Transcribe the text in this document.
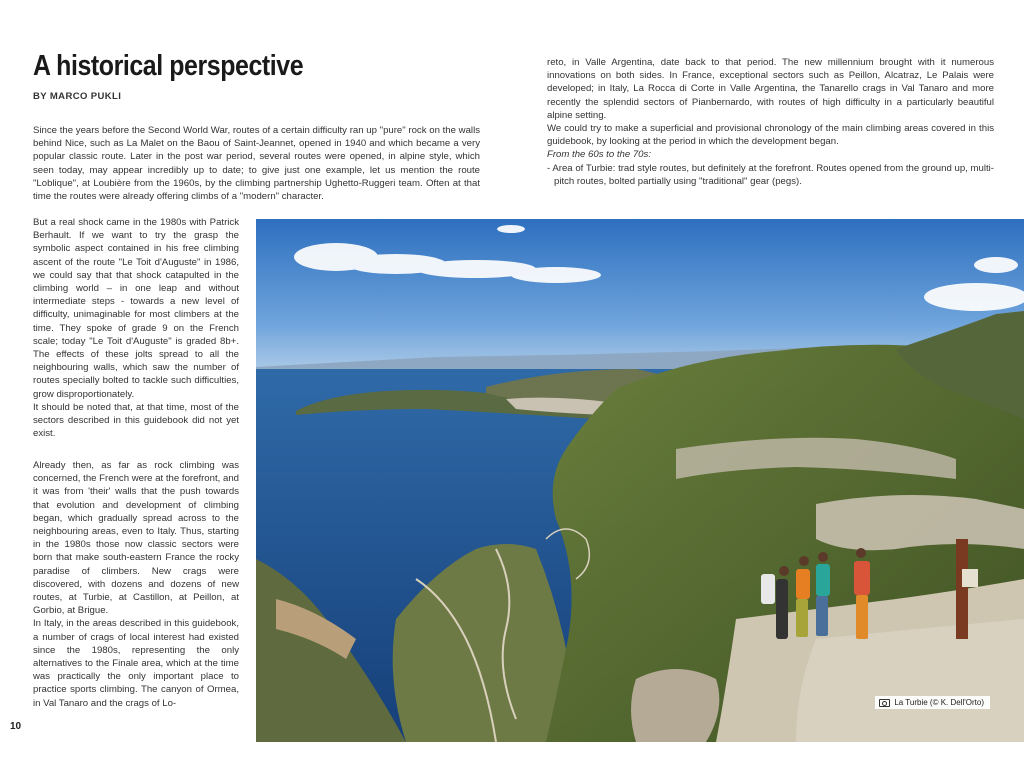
A historical perspective
BY MARCO PUKLI
Since the years before the Second World War, routes of a certain difficulty ran up "pure" rock on the walls behind Nice, such as La Malet on the Baou of Saint-Jeannet, opened in 1940 and which became a very popular classic route. Later in the post war period, several routes were opened, in alpine style, which seen today, may appear incredibly up to date; to give just one example, let us mention the route "Loblique", at Loubière from the 1960s, by the climbing partnership Ughetto-Ruggeri team. Often at that time the routes were already offering climbs of a "modern" character.

But a real shock came in the 1980s with Patrick Berhault. If we want to try the grasp the symbolic aspect contained in his free climbing ascent of the route "Le Toit d'Auguste" in 1986, we could say that that shock catapulted in the climbing world – in one leap and without intermediate steps - towards a new level of difficulty, unimaginable for most climbers at the time. They spoke of grade 9 on the French scale; today "Le Toit d'Auguste" is graded 8b+. The effects of these jolts spread to all the neighbouring walls, which saw the number of routes specially bolted to tackle such difficulties, grow disproportionately.

It should be noted that, at that time, most of the sectors described in this guidebook did not yet exist.

Already then, as far as rock climbing was concerned, the French were at the forefront, and it was from 'their' walls that the push towards that evolution and development of climbing began, which gradually spread across to the neighbouring areas, even to Italy. Thus, starting in the 1980s those now classic sectors were born that make south-eastern France the rocky paradise of climbers. New crags were discovered, with dozens and dozens of new routes, at Turbie, at Castillon, at Peillon, at Gorbio, at Brigue.

In Italy, in the areas described in this guidebook, a number of crags of local interest had existed since the 1980s, representing the only alternatives to the Finale area, which at the time was practically the only important place to practice sports climbing. The canyon of Ormea, in Val Tanaro and the crags of Lo-

10

reto, in Valle Argentina, date back to that period. The new millennium brought with it numerous innovations on both sides. In France, exceptional sectors such as Peillon, Alcatraz, Le Palais were developed; in Italy, La Rocca di Corte in Valle Argentina, the Tanarello crags in Val Tanaro and more recently the splendid sectors of Pianbernardo, with routes of high difficulty in a particularly beautiful alpine setting.

We could try to make a superficial and provisional chronology of the main climbing areas covered in this guidebook, by looking at the period in which the development began.

From the 60s to the 70s:

- Area of Turbie: trad style routes, but definitely at the forefront. Routes opened from the ground up, multi-pitch routes, bolted partially using "traditional" gear (pegs).

La Turbie (© K. Dell'Orto)
